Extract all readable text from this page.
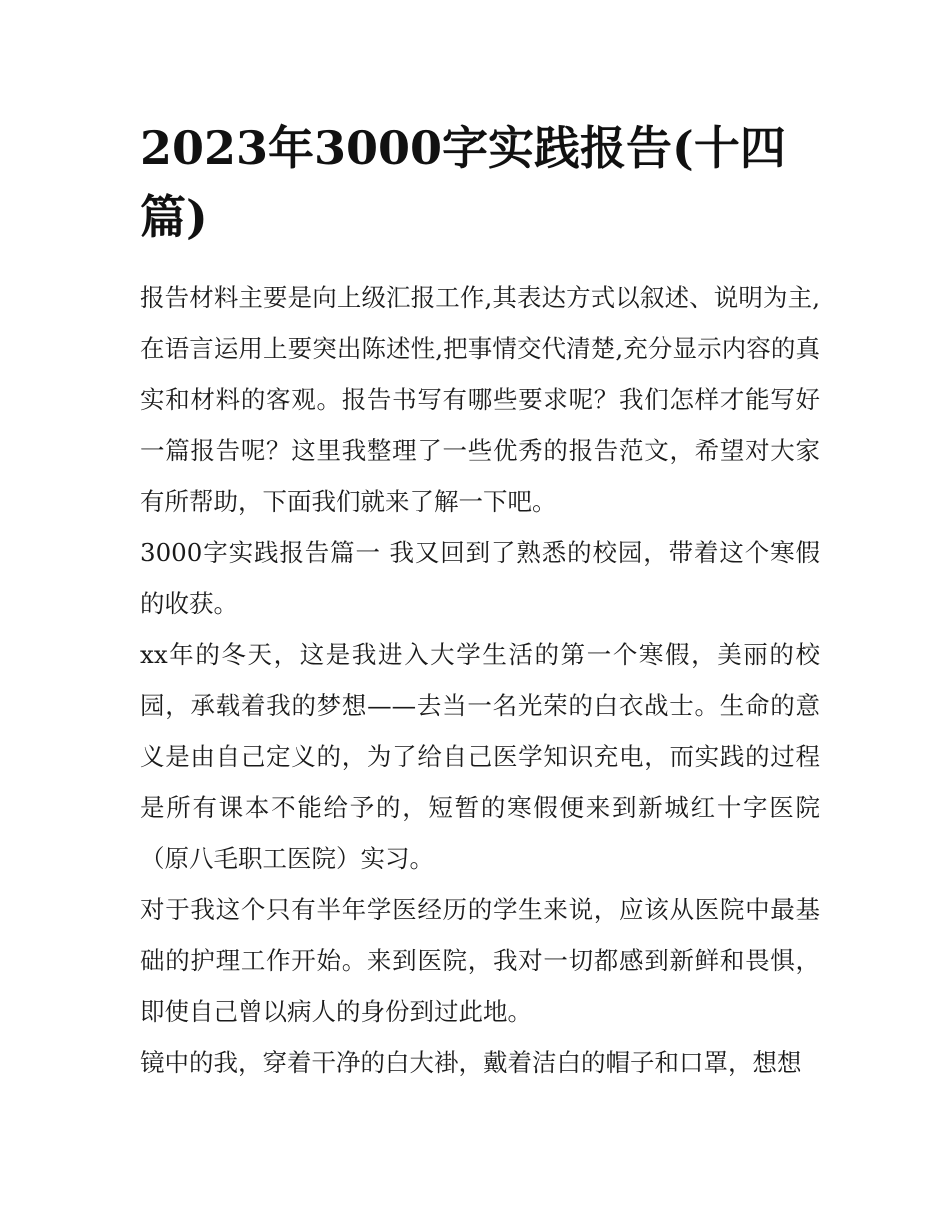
2023年3000字实践报告(十四篇)

报告材料主要是向上级汇报工作,其表达方式以叙述、说明为主,在语言运用上要突出陈述性,把事情交代清楚,充分显示内容的真实和材料的客观。报告书写有哪些要求呢？我们怎样才能写好一篇报告呢？这里我整理了一些优秀的报告范文，希望对大家有所帮助，下面我们就来了解一下吧。

3000字实践报告篇一 我又回到了熟悉的校园，带着这个寒假的收获。

xx年的冬天，这是我进入大学生活的第一个寒假，美丽的校园，承载着我的梦想——去当一名光荣的白衣战士。生命的意义是由自己定义的，为了给自己医学知识充电，而实践的过程是所有课本不能给予的，短暂的寒假便来到新城红十字医院（原八毛职工医院）实习。

对于我这个只有半年学医经历的学生来说，应该从医院中最基础的护理工作开始。来到医院，我对一切都感到新鲜和畏惧，即使自己曾以病人的身份到过此地。

镜中的我，穿着干净的白大褂，戴着洁白的帽子和口罩，想想
